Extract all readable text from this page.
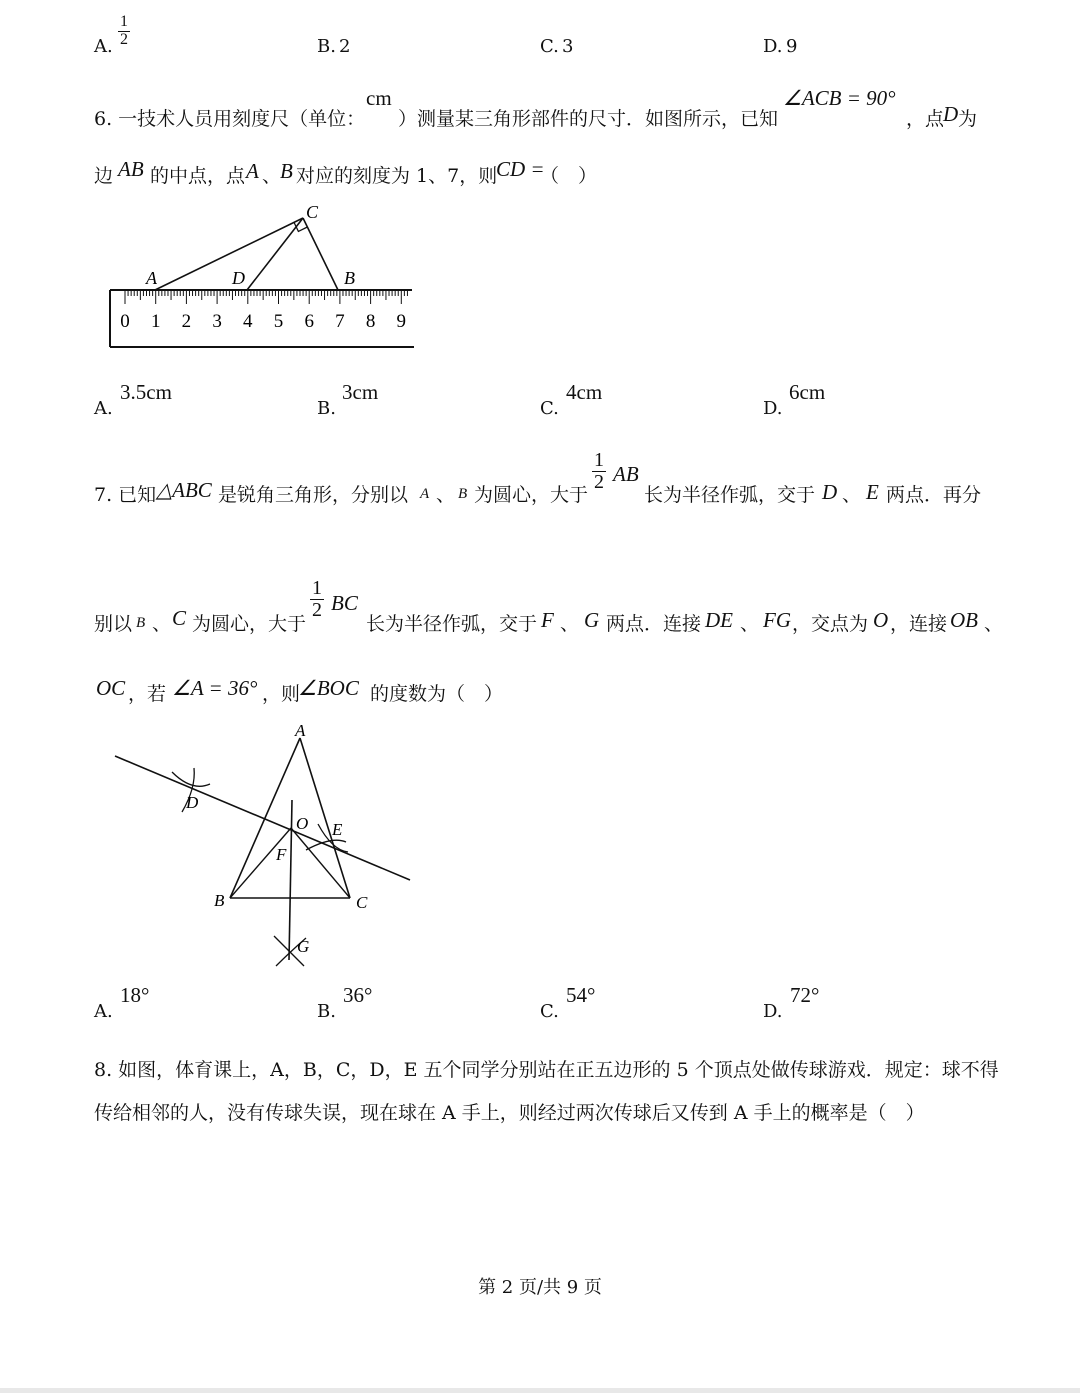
A. $\frac{1}{2}$	B. 2	C. 3	D. 9
6. 一技术人员用刻度尺（单位：
cm
）测量某三角形部件的尺寸．如图所示，已知
∠ACB = 90°
，点
D 为
边 AB 的中点，点 A 、
B 对应的刻度为 1、7，则
CD =
（　）
C
A	D	B
0 1 2 3 4 5 6 7 8 9
A.
3.5cm
B.
3cm
C.
4cm
D.
6cm
7. 已知 △ABC 是锐角三角形，分别以 A 、 B 为圆心，大于
$\frac{1}{2}$ AB
长为半径作弧，交于 D 、 E 两点．再分
别以 B 、 C 为圆心，大于
$\frac{1}{2}$ BC
长为半径作弧，交于 F 、 G 两点．连接 DE 、 FG ，交点为 O ，连接 OB 、
OC ，若 ∠A = 36° ，则
∠BOC 的度数为（　）
A
D
O E
F
B	C
G
A.
18°
B.
36°
C.
54°
D.
72°
8. 如图，体育课上，A，B，C，D，E 五个同学分别站在正五边形的 5 个顶点处做传球游戏．规定：球不得
传给相邻的人，没有传球失误，现在球在 A 手上，则经过两次传球后又传到 A 手上的概率是（　）
第 2 页/共 9 页
